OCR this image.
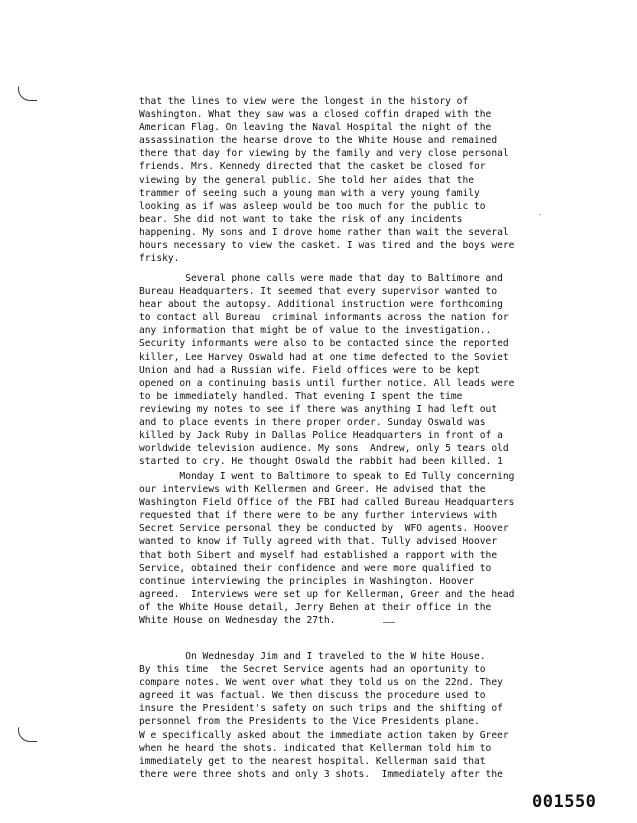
that the lines to view were the longest in the history of
Washington. What they saw was a closed coffin draped with the
American Flag. On leaving the Naval Hospital the night of the
assassination the hearse drove to the White House and remained
there that day for viewing by the family and very close personal
friends. Mrs. Kennedy directed that the casket be closed for
viewing by the general public. She told her aides that the
trammer of seeing such a young man with a very young family
looking as if was asleep would be too much for the public to
bear. She did not want to take the risk of any incidents
happening. My sons and I drove home rather than wait the several
hours necessary to view the casket. I was tired and the boys were
frisky.
Several phone calls were made that day to Baltimore and
Bureau Headquarters. It seemed that every supervisor wanted to
hear about the autopsy. Additional instruction were forthcoming
to contact all Bureau  criminal informants across the nation for
any information that might be of value to the investigation..
Security informants were also to be contacted since the reported
killer, Lee Harvey Oswald had at one time defected to the Soviet
Union and had a Russian wife. Field offices were to be kept
opened on a continuing basis until further notice. All leads were
to be immediately handled. That evening I spent the time
reviewing my notes to see if there was anything I had left out
and to place events in there proper order. Sunday Oswald was
killed by Jack Ruby in Dallas Police Headquarters in front of a
worldwide television audience. My sons  Andrew, only 5 tears old
started to cry. He thought Oswald the rabbit had been killed. 1
Monday I went to Baltimore to speak to Ed Tully concerning
our interviews with Kellermen and Greer. He advised that the
Washington Field Office of the FBI had called Bureau Headquarters
requested that if there were to be any further interviews with
Secret Service personal they be conducted by  WFO agents. Hoover
wanted to know if Tully agreed with that. Tully advised Hoover
that both Sibert and myself had established a rapport with the
Service, obtained their confidence and were more qualified to
continue interviewing the principles in Washington. Hoover
agreed.  Interviews were set up for Kellerman, Greer and the head
of the White House detail, Jerry Behen at their office in the
White House on Wednesday the 27th.
On Wednesday Jim and I traveled to the W hite House.
By this time  the Secret Service agents had an oportunity to
compare notes. We went over what they told us on the 22nd. They
agreed it was factual. We then discuss the procedure used to
insure the President's safety on such trips and the shifting of
personnel from the Presidents to the Vice Presidents plane.
W e specifically asked about the immediate action taken by Greer
when he heard the shots. indicated that Kellerman told him to
immediately get to the nearest hospital. Kellerman said that
there were three shots and only 3 shots.  Immediately after the
·
001550
